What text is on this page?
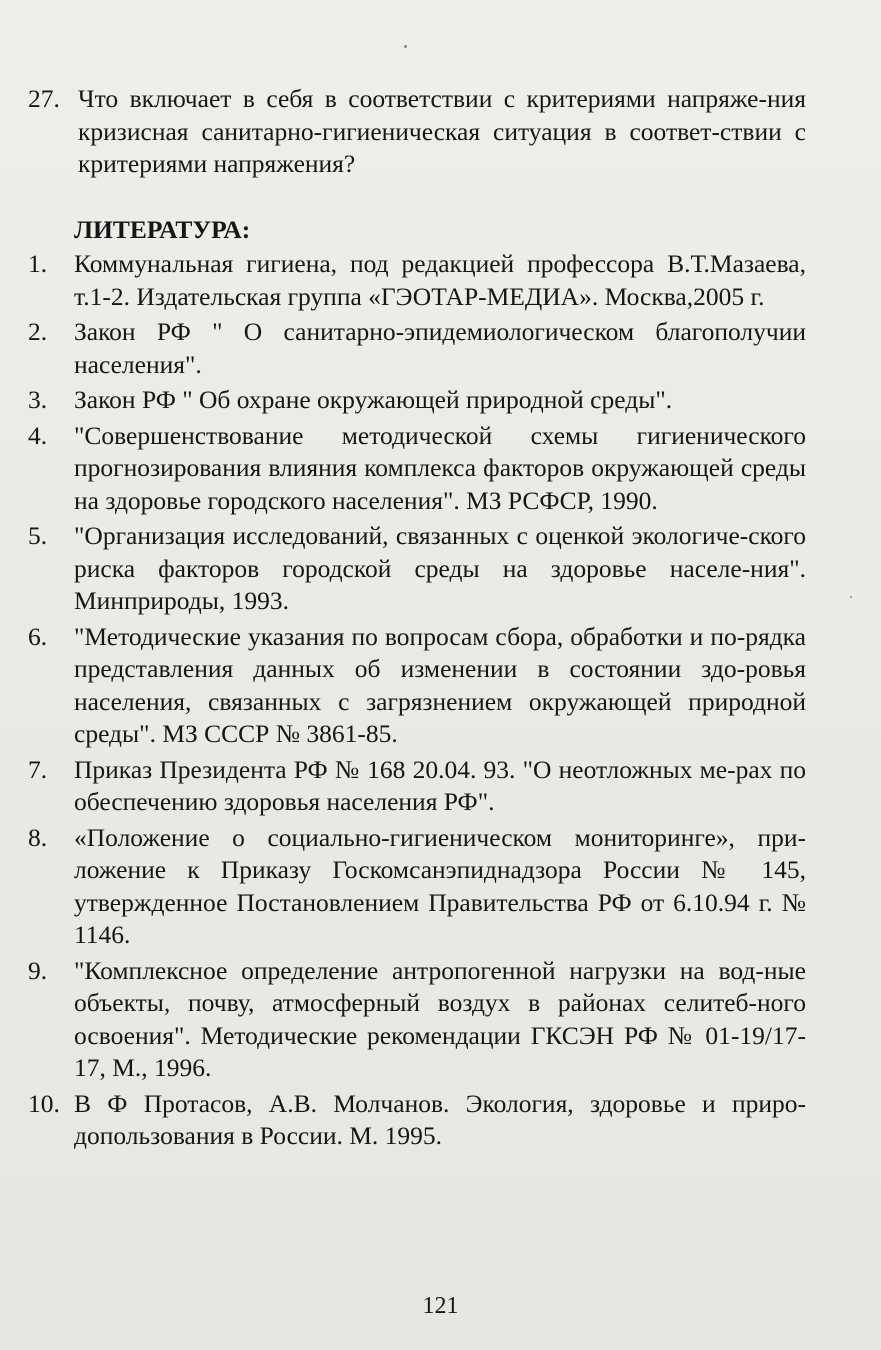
27. Что включает в себя в соответствии с критериями напряже-ния кризисная санитарно-гигиеническая ситуация в соответ-ствии с критериями напряжения?
ЛИТЕРАТУРА:
1.	Коммунальная гигиена, под редакцией профессора В.Т.Мазаева, т.1-2. Издательская группа «ГЭОТАР-МЕДИА». Москва,2005 г.
2.	Закон РФ " О санитарно-эпидемиологическом благополучии населения".
3.	Закон РФ " Об охране окружающей природной среды".
4.	"Совершенствование методической схемы гигиенического прогнозирования влияния комплекса факторов окружающей среды на здоровье городского населения". МЗ РСФСР, 1990.
5.	"Организация исследований, связанных с оценкой экологиче-ского риска факторов городской среды на здоровье населе-ния". Минприроды, 1993.
6.	"Методические указания по вопросам сбора, обработки и по-рядка представления данных об изменении в состоянии здо-ровья населения, связанных с загрязнением окружающей природной среды". МЗ СССР № 3861-85.
7.	Приказ Президента РФ № 168 20.04. 93. "О неотложных ме-рах по обеспечению здоровья населения РФ".
8.	«Положение о социально-гигиеническом мониторинге», при-ложение к Приказу Госкомсанэпиднадзора России № 145, утвержденное Постановлением Правительства РФ от 6.10.94 г. № 1146.
9.	"Комплексное определение антропогенной нагрузки на вод-ные объекты, почву, атмосферный воздух в районах селитеб-ного освоения". Методические рекомендации ГКСЭН РФ № 01-19/17-17, М., 1996.
10. В Ф Протасов, А.В. Молчанов. Экология, здоровье и приро-допользования в России. М. 1995.
121
